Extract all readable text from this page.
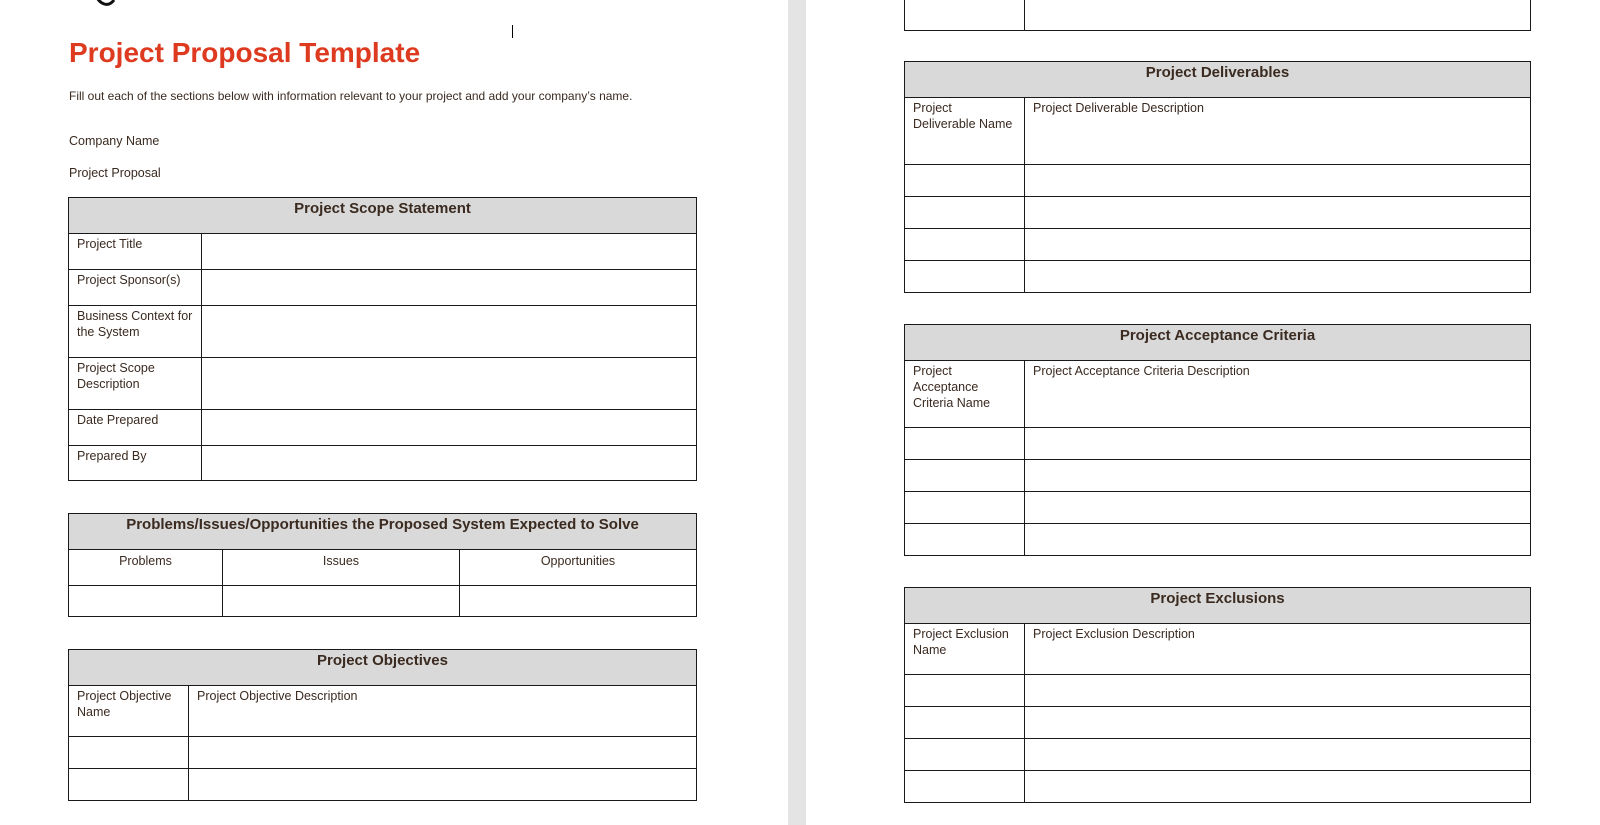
Project Proposal Template
Fill out each of the sections below with information relevant to your project and add your company’s name.
Company Name
Project Proposal
Project Scope Statement	
Project Title	
Project Sponsor(s)	
Business Context for the System	
Project Scope Description	
Date Prepared	
Prepared By	
Problems/Issues/Opportunities the Proposed System Expected to Solve		
Problems	Issues	Opportunities

Project Objectives	
Project Objective Name	Project Objective Description

Project Deliverables	
Project Deliverable Name	Project Deliverable Description

Project Acceptance Criteria	
Project Acceptance Criteria Name	Project Acceptance Criteria Description

Project Exclusions	
Project Exclusion Name	Project Exclusion Description
